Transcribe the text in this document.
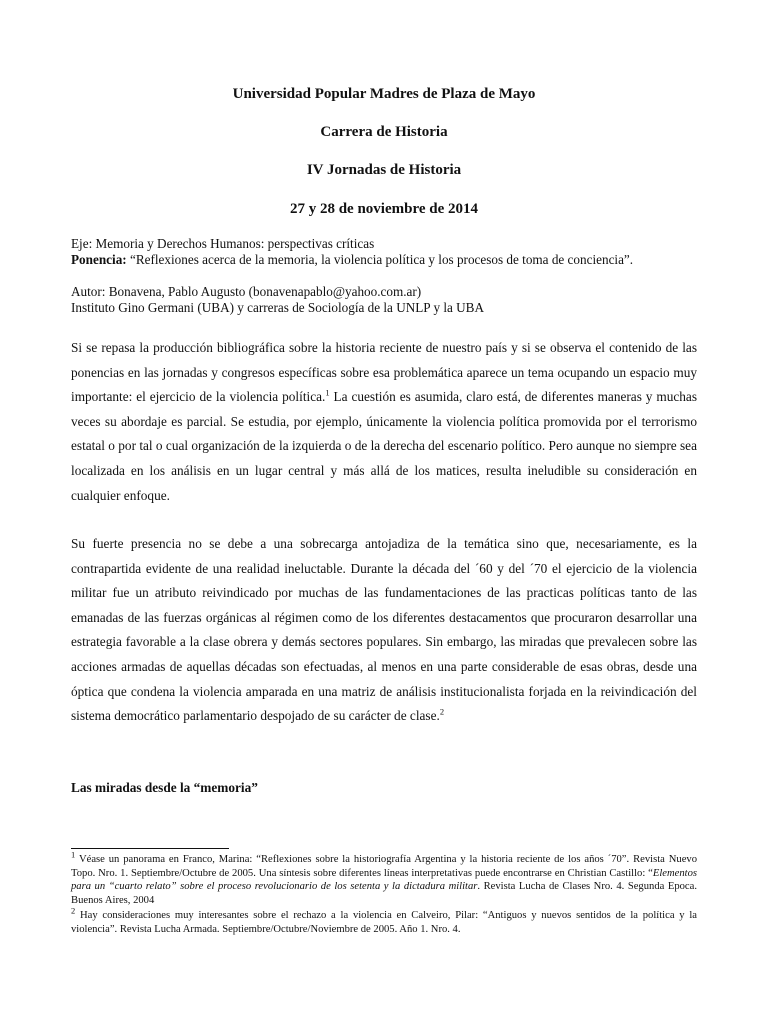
Universidad Popular Madres de Plaza de Mayo

Carrera de Historia

IV Jornadas de Historia

27 y 28 de noviembre de 2014

Eje: Memoria y Derechos Humanos: perspectivas críticas

Ponencia: “Reflexiones acerca de la memoria, la violencia política y los procesos de toma de conciencia”.

Autor: Bonavena, Pablo Augusto (bonavenapablo@yahoo.com.ar)

Instituto Gino Germani (UBA) y carreras de Sociología de la UNLP y la UBA

Si se repasa la producción bibliográfica sobre la historia reciente de nuestro país y si se observa el contenido de las ponencias en las jornadas y congresos específicas sobre esa problemática aparece un tema ocupando un espacio muy importante: el ejercicio de la violencia política.$^1$ La cuestión es asumida, claro está, de diferentes maneras y muchas veces su abordaje es parcial. Se estudia, por ejemplo, únicamente la violencia política promovida por el terrorismo estatal o por tal o cual organización de la izquierda o de la derecha del escenario político. Pero aunque no siempre sea localizada en los análisis en un lugar central y más allá de los matices, resulta ineludible su consideración en cualquier enfoque.

Su fuerte presencia no se debe a una sobrecarga antojadiza de la temática sino que, necesariamente, es la contrapartida evidente de una realidad ineluctable. Durante la década del ´60 y del ´70 el ejercicio de la violencia militar fue un atributo reivindicado por muchas de las fundamentaciones de las practicas políticas tanto de las emanadas de las fuerzas orgánicas al régimen como de los diferentes destacamentos que procuraron desarrollar una estrategia favorable a la clase obrera y demás sectores populares. Sin embargo, las miradas que prevalecen sobre las acciones armadas de aquellas décadas son efectuadas, al menos en una parte considerable de esas obras, desde una óptica que condena la violencia amparada en una matriz de análisis institucionalista forjada en la reivindicación del sistema democrático parlamentario despojado de su carácter de clase.$^2$

Las miradas desde la “memoria”

$^1$ Véase un panorama en Franco, Marina: “Reflexiones sobre la historiografía Argentina y la historia reciente de los años ´70”. Revista Nuevo Topo. Nro. 1. Septiembre/Octubre de 2005. Una síntesis sobre diferentes líneas interpretativas puede encontrarse en Christian Castillo: “Elementos para un “cuarto relato” sobre el proceso revolucionario de los setenta y la dictadura militar. Revista Lucha de Clases Nro. 4. Segunda Epoca. Buenos Aires, 2004

$^2$ Hay consideraciones muy interesantes sobre el rechazo a la violencia en Calveiro, Pilar: “Antiguos y nuevos sentidos de la política y la violencia”. Revista Lucha Armada. Septiembre/Octubre/Noviembre de 2005. Año 1. Nro. 4.
